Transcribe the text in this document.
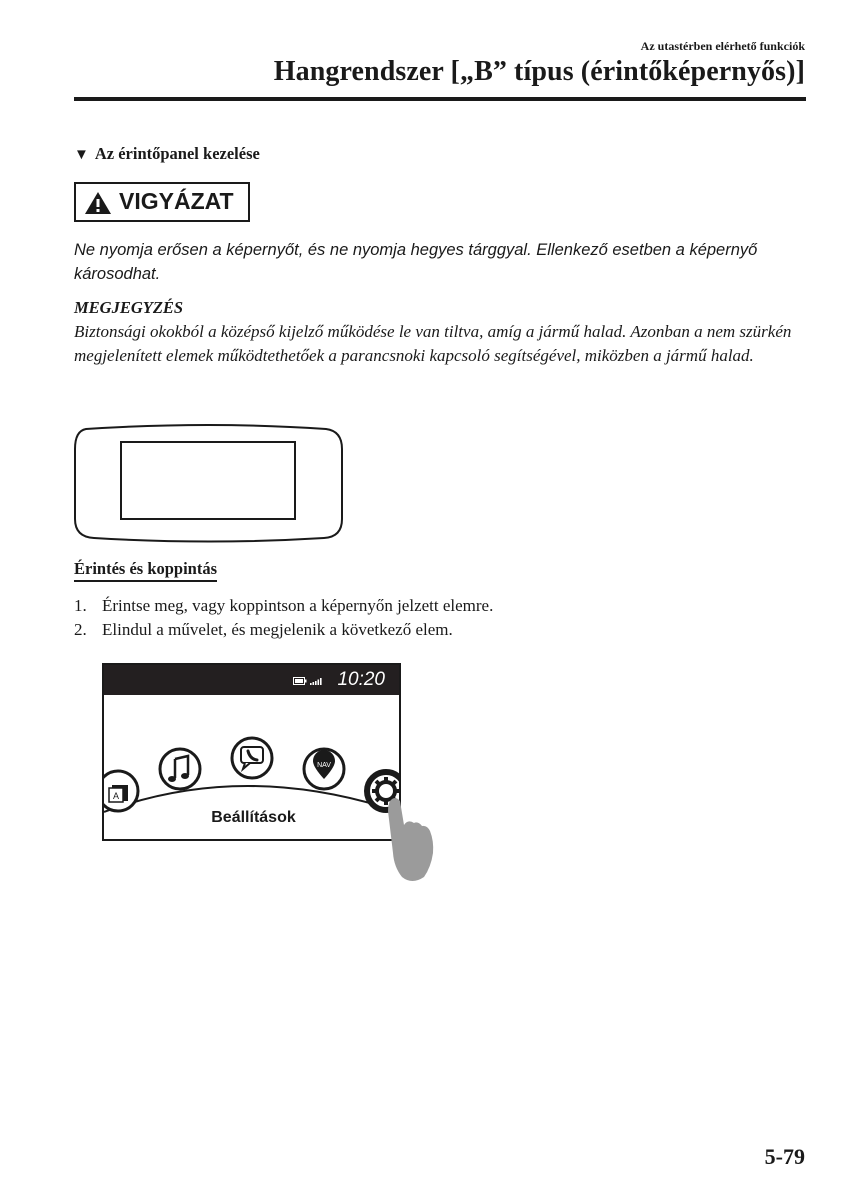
Az utastérben elérhető funkciók
Hangrendszer [„B” típus (érintőképernyős)]
▼ Az érintőpanel kezelése
VIGYÁZAT
Ne nyomja erősen a képernyőt, és ne nyomja hegyes tárggyal. Ellenkező esetben a képernyő károsodhat.
MEGJEGYZÉS
Biztonsági okokból a középső kijelző működése le van tiltva, amíg a jármű halad. Azonban a nem szürkén megjelenített elemek működtethetőek a parancsnoki kapcsoló segítségével, miközben a jármű halad.
Érintés és koppintás
1. Érintse meg, vagy koppintson a képernyőn jelzett elemre.
2. Elindul a művelet, és megjelenik a következő elem.
10:20
A
NAV
Beállítások
5-79
